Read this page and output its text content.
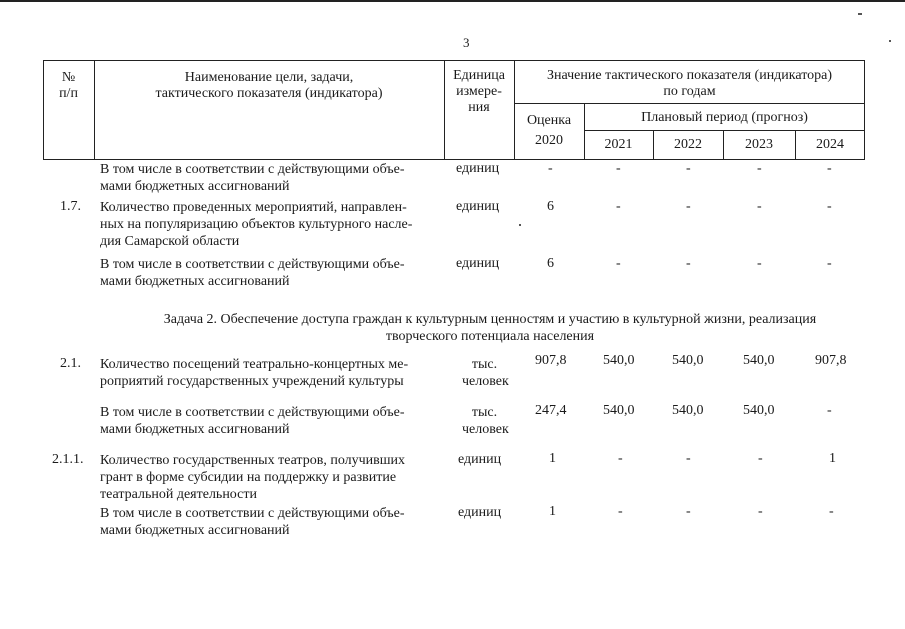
3
№
п/п
Наименование цели, задачи,
тактического показателя (индикатора)
Единица
измере-
ния
Значение тактического показателя (индикатора)
по годам
Оценка
2020
Плановый период (прогноз)
2021	2022	2023	2024
В том числе в соответствии с действующими объе-
мами бюджетных ассигнований
единиц	-	-	-	-	-
1.7. Количество проведенных мероприятий, направлен-
ных на популяризацию объектов культурного насле-
дия Самарской области
единиц	6	-	-	-	-
В том числе в соответствии с действующими объе-
мами бюджетных ассигнований
единиц	6	-	-	-	-
Задача 2. Обеспечение доступа граждан к культурным ценностям и участию в культурной жизни, реализация
творческого потенциала населения
2.1. Количество посещений театрально-концертных ме-
роприятий государственных учреждений культуры
тыс.
человек
907,8	540,0	540,0	540,0	907,8
В том числе в соответствии с действующими объе-
мами бюджетных ассигнований
тыс.
человек
247,4	540,0	540,0	540,0	-
2.1.1. Количество государственных театров, получивших
грант в форме субсидии на поддержку и развитие
театральной деятельности
единиц	1	-	-	-	1
В том числе в соответствии с действующими объе-
мами бюджетных ассигнований
единиц	1	-	-	-	-
